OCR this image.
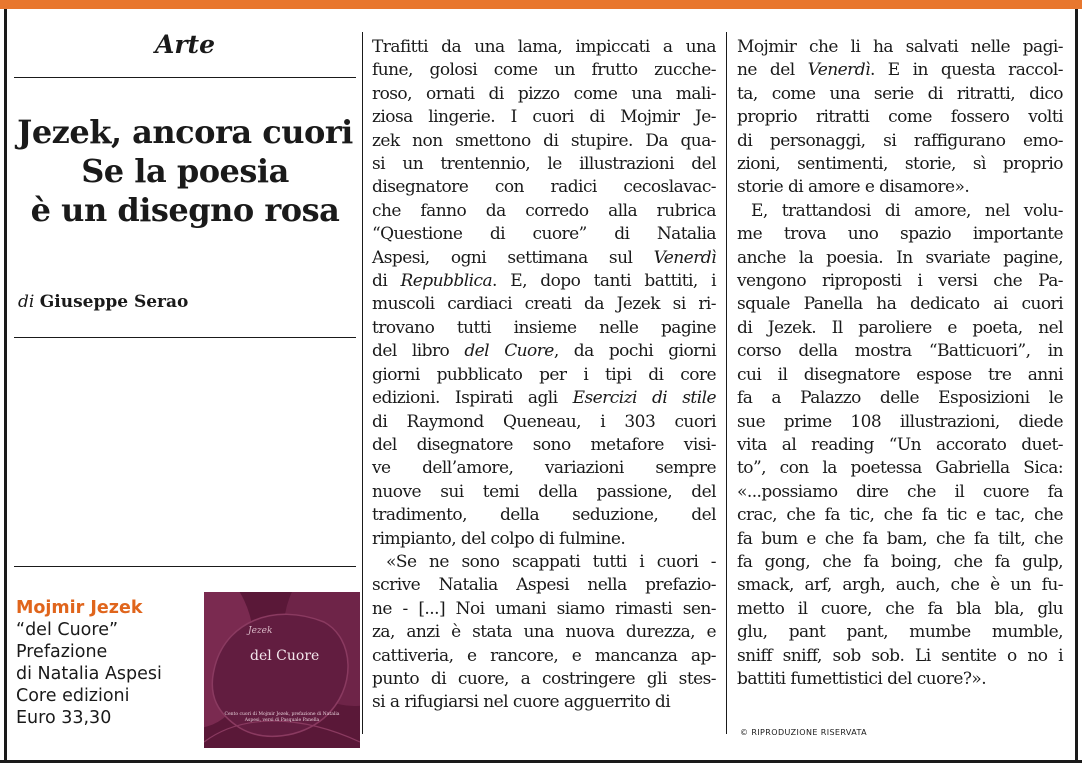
Arte
Jezek, ancora cuori
Se la poesia
è un disegno rosa
di Giuseppe Serao
Mojmir Jezek
“del Cuore”
Prefazione
di Natalia Aspesi
Core edizioni
Euro 33,30
Jezek
del Cuore
Cento cuori di Mojmir Jezek, prefazione di Natalia Aspesi, versi di Pasquale Panella
Trafitti da una lama, impiccati a una
fune, golosi come un frutto zucche-
roso, ornati di pizzo come una mali-
ziosa lingerie. I cuori di Mojmir Je-
zek non smettono di stupire. Da qua-
si un trentennio, le illustrazioni del
disegnatore con radici cecoslavac-
che fanno da corredo alla rubrica
“Questione di cuore” di Natalia
Aspesi, ogni settimana sul Venerdì
di Repubblica. E, dopo tanti battiti, i
muscoli cardiaci creati da Jezek si ri-
trovano tutti insieme nelle pagine
del libro del Cuore, da pochi giorni
giorni pubblicato per i tipi di core
edizioni. Ispirati agli Esercizi di stile
di Raymond Queneau, i 303 cuori
del disegnatore sono metafore visi-
ve dell’amore, variazioni sempre
nuove sui temi della passione, del
tradimento, della seduzione, del
rimpianto, del colpo di fulmine.
«Se ne sono scappati tutti i cuori -
scrive Natalia Aspesi nella prefazio-
ne - [...] Noi umani siamo rimasti sen-
za, anzi è stata una nuova durezza, e
cattiveria, e rancore, e mancanza ap-
punto di cuore, a costringere gli stes-
si a rifugiarsi nel cuore agguerrito di
Mojmir che li ha salvati nelle pagi-
ne del Venerdì. E in questa raccol-
ta, come una serie di ritratti, dico
proprio ritratti come fossero volti
di personaggi, si raffigurano emo-
zioni, sentimenti, storie, sì proprio
storie di amore e disamore».
E, trattandosi di amore, nel volu-
me trova uno spazio importante
anche la poesia. In svariate pagine,
vengono riproposti i versi che Pa-
squale Panella ha dedicato ai cuori
di Jezek. Il paroliere e poeta, nel
corso della mostra “Batticuori”, in
cui il disegnatore espose tre anni
fa a Palazzo delle Esposizioni le
sue prime 108 illustrazioni, diede
vita al reading “Un accorato duet-
to”, con la poetessa Gabriella Sica:
«...possiamo dire che il cuore fa
crac, che fa tic, che fa tic e tac, che
fa bum e che fa bam, che fa tilt, che
fa gong, che fa boing, che fa gulp,
smack, arf, argh, auch, che è un fu-
metto il cuore, che fa bla bla, glu
glu, pant pant, mumbe mumble,
sniff sniff, sob sob. Li sentite o no i
battiti fumettistici del cuore?».
© RIPRODUZIONE RISERVATA
